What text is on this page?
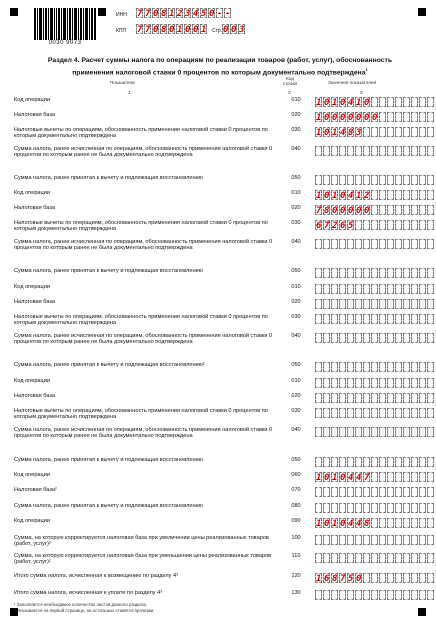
0030 9073
ИНН 7 7 0 8 1 2 3 4 5 0 - -
КПП 7 7 0 8 0 1 0 0 1 Стр. 0 0 3
Раздел 4. Расчет суммы налога по операциям по реализации товаров (работ, услуг), обоснованность
применения налоговой ставки 0 процентов по которым документально подтверждена$^1$
Показатели
Код строки	Значения показателей
1	2	3
Код операции	010	1 0 1 0 4 1 0
Налоговая база	020	1 0 0 0 0 0 0 0
Налоговые вычеты по операциям, обоснованность применения налоговой ставки 0 процентов по которым документально подтверждена
030	1 0 1 4 8 3
Сумма налога, ранее исчисленная по операциям, обоснованность применения налоговой ставки 0 процентов по которым ранее не была документально подтверждена
040
Сумма налога, ранее принятая к вычету и подлежащая восстановлению	050
Код операции	010	1 0 1 0 4 1 2
Налоговая база	020	7 8 0 0 0 0 0
Налоговые вычеты по операциям, обоснованность применения налоговой ставки 0 процентов по которым документально подтверждена
030	6 7 2 6 5
Сумма налога, ранее исчисленная по операциям, обоснованность применения налоговой ставки 0 процентов по которым ранее не была документально подтверждена
040
Сумма налога, ранее принятая к вычету и подлежащая восстановлению	050
Код операции	010
Налоговая база	020
Налоговые вычеты по операциям, обоснованность применения налоговой ставки 0 процентов по которым документально подтверждена
030
Сумма налога, ранее исчисленная по операциям, обоснованность применения налоговой ставки 0 процентов по которым ранее не была документально подтверждена
040
Сумма налога, ранее принятая к вычету и подлежащая восстановлению²	050
Код операции	010
Налоговая база	020
Налоговые вычеты по операциям, обоснованность применения налоговой ставки 0 процентов по которым документально подтверждена
030
Сумма налога, ранее исчисленная по операциям, обоснованность применения налоговой ставки 0 процентов по которым ранее не была документально подтверждена
040
Сумма налога, ранее принятая к вычету и подлежащая восстановлению	050
Код операции	060	1 0 1 0 4 4 7
Налоговая база²	070
Сумма налога, ранее принятая к вычету и подлежащая восстановлению	080
Код операции	090	1 0 1 0 4 4 8
Сумма, на которую корректируется налоговая база при увеличении цены реализованных товаров (работ, услуг)²
100
Сумма, на которую корректируется налоговая база при уменьшении цены реализованных товаров (работ, услуг)²
110
Итого сумма налога, исчисленная к возмещению по разделу 4³	120	1 6 8 7 5 0
Итого сумма налога, исчисленная к уплате по разделу 4³	130
¹ Заполняется необходимое количество листов данного раздела.
² Указывается на первой странице, на остальных ставятся прочерки.
